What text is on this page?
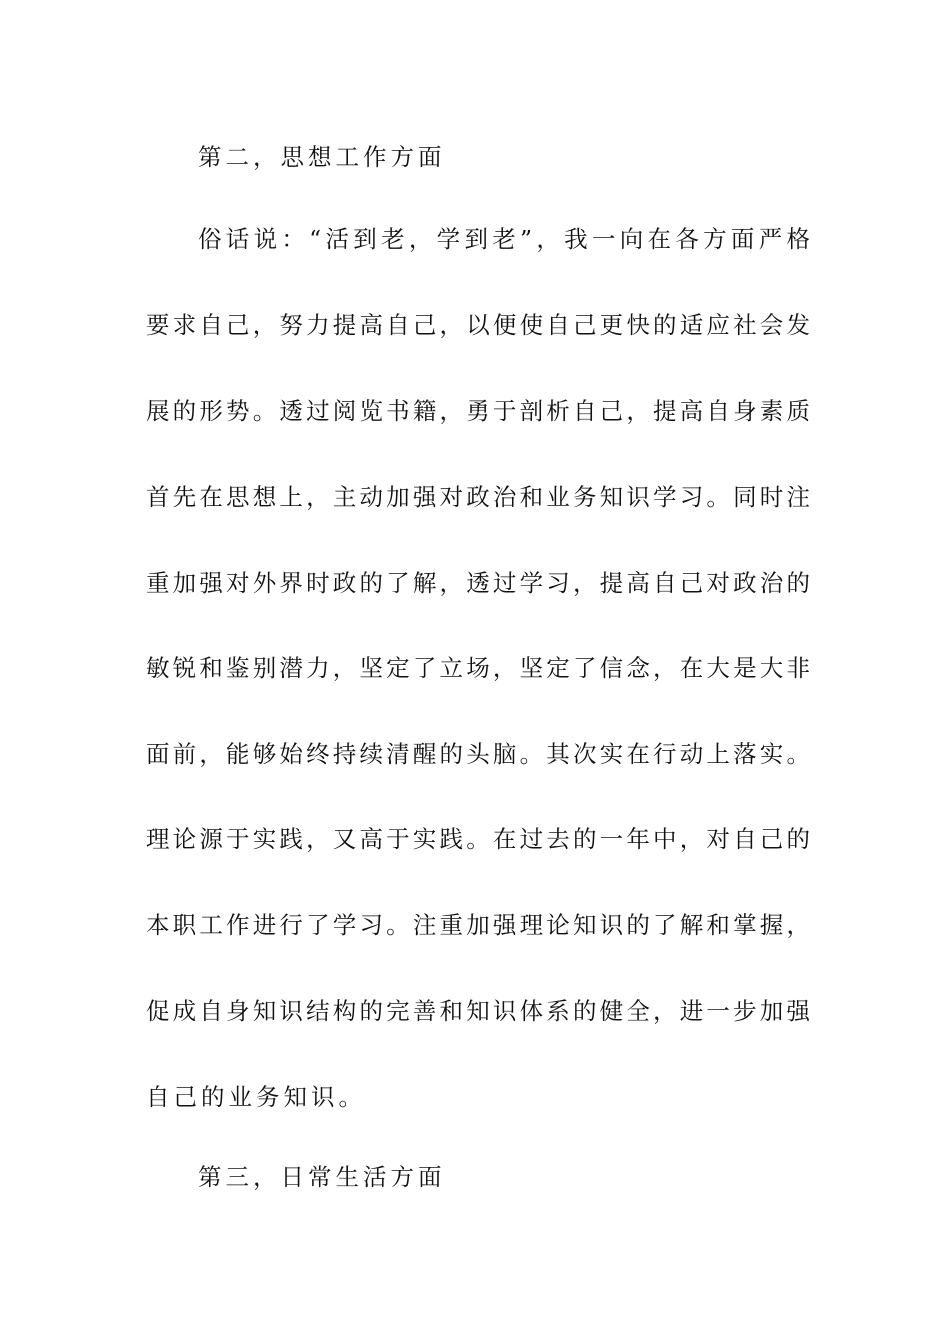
第二，思想工作方面
俗话说：“活到老，学到老”，我一向在各方面严格
要求自己，努力提高自己，以便使自己更快的适应社会发
展的形势。透过阅览书籍，勇于剖析自己，提高自身素质
首先在思想上，主动加强对政治和业务知识学习。同时注
重加强对外界时政的了解，透过学习，提高自己对政治的
敏锐和鉴别潜力，坚定了立场，坚定了信念，在大是大非
面前，能够始终持续清醒的头脑。其次实在行动上落实。
理论源于实践，又高于实践。在过去的一年中，对自己的
本职工作进行了学习。注重加强理论知识的了解和掌握，
促成自身知识结构的完善和知识体系的健全，进一步加强
自己的业务知识。
第三，日常生活方面
